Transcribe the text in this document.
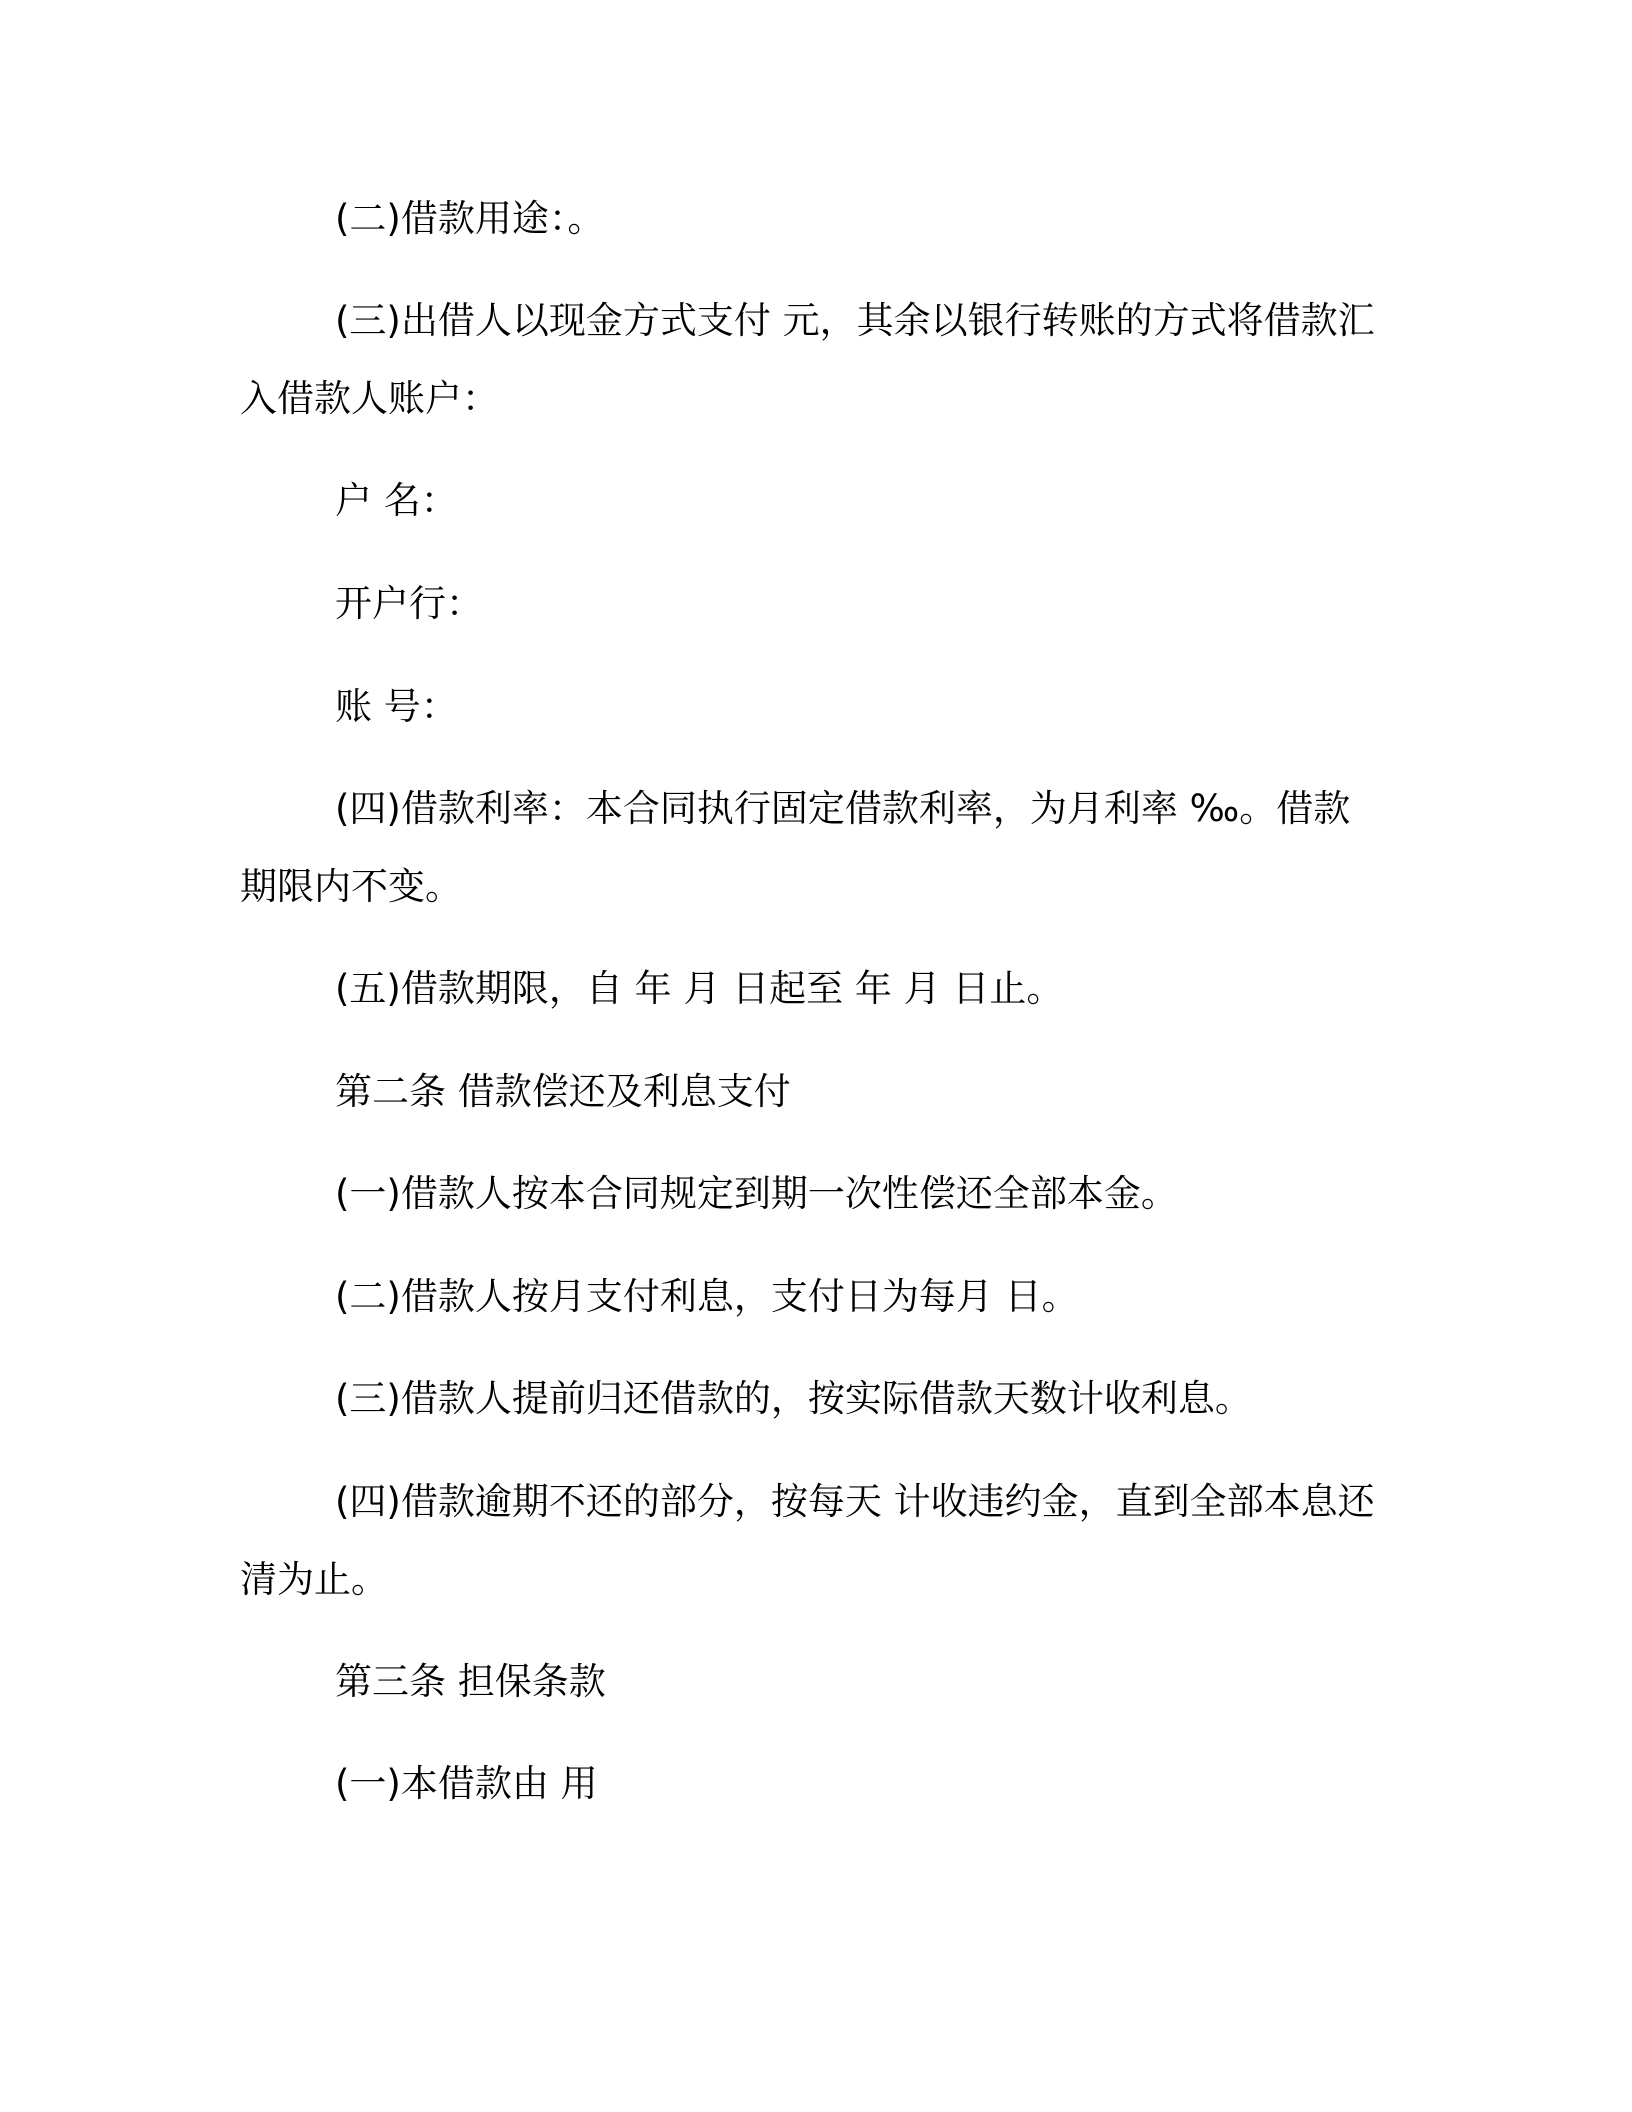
(二)借款用途：。

(三)出借人以现金方式支付 元，其余以银行转账的方式将借款汇入借款人账户：

户 名：

开户行：

账 号：

(四)借款利率：本合同执行固定借款利率，为月利率 ‰。借款期限内不变。

(五)借款期限，自 年 月 日起至 年 月 日止。

第二条 借款偿还及利息支付

(一)借款人按本合同规定到期一次性偿还全部本金。

(二)借款人按月支付利息，支付日为每月 日。

(三)借款人提前归还借款的，按实际借款天数计收利息。

(四)借款逾期不还的部分，按每天 计收违约金，直到全部本息还清为止。

第三条 担保条款

(一)本借款由 用
